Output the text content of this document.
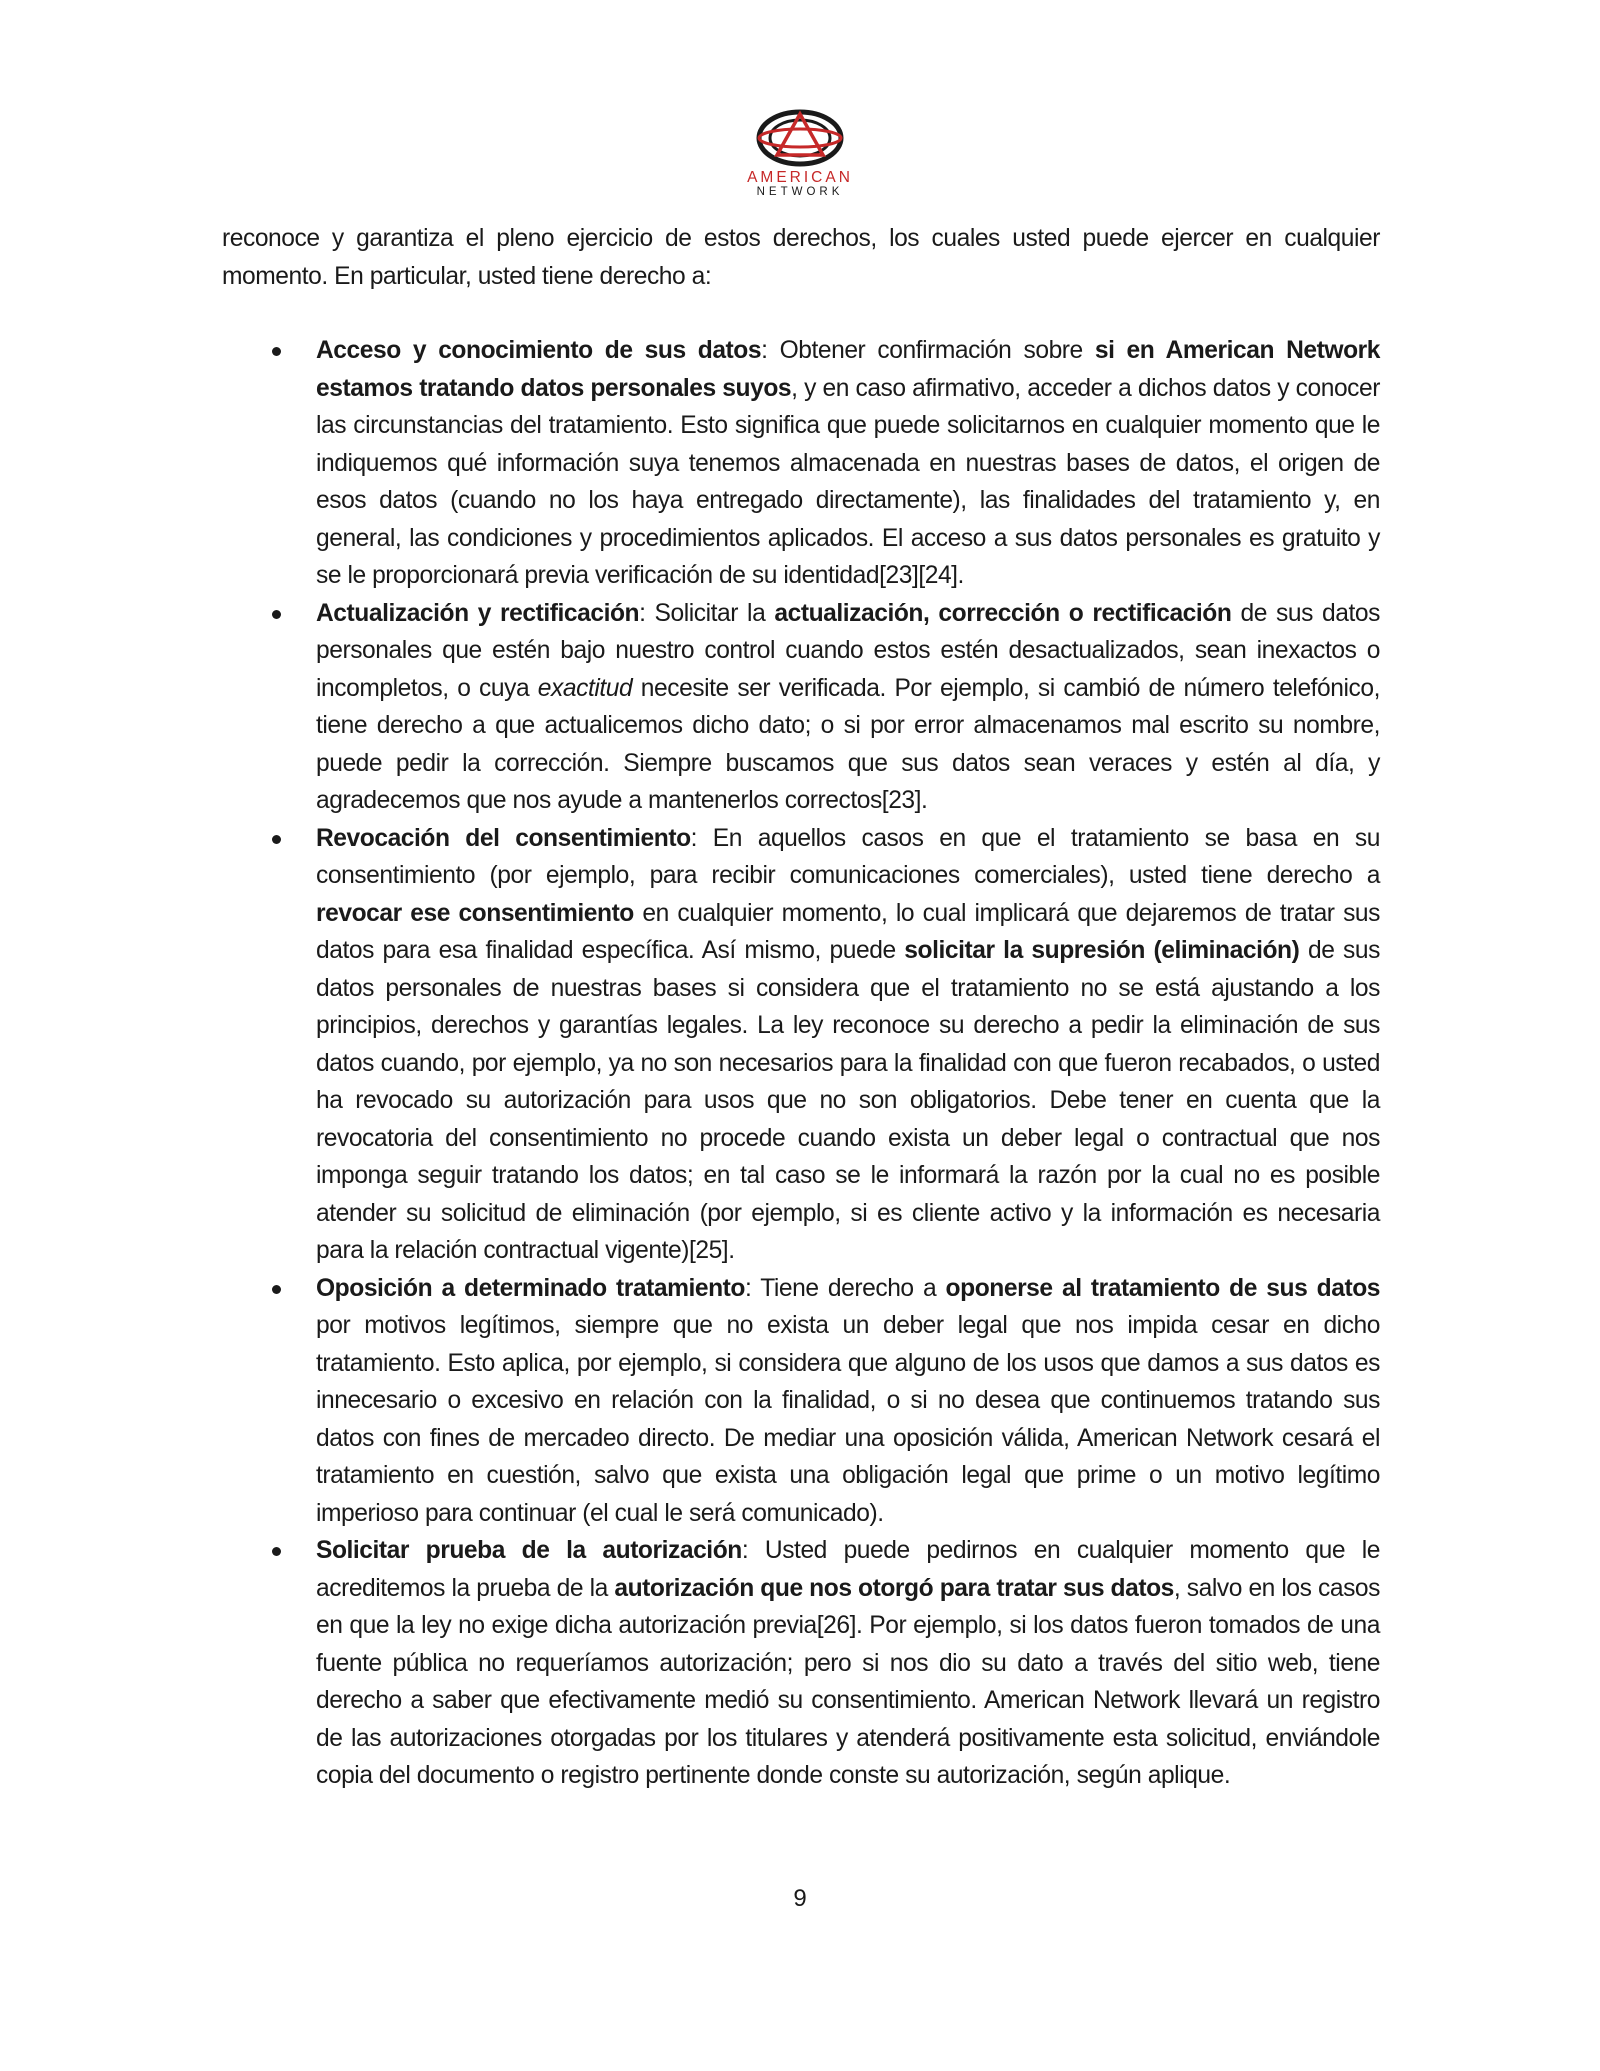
AMERICAN
NETWORK

reconoce y garantiza el pleno ejercicio de estos derechos, los cuales usted puede ejercer en cualquier momento. En particular, usted tiene derecho a:

Acceso y conocimiento de sus datos: Obtener confirmación sobre si en American Network estamos tratando datos personales suyos, y en caso afirmativo, acceder a dichos datos y conocer las circunstancias del tratamiento. Esto significa que puede solicitarnos en cualquier momento que le indiquemos qué información suya tenemos almacenada en nuestras bases de datos, el origen de esos datos (cuando no los haya entregado directamente), las finalidades del tratamiento y, en general, las condiciones y procedimientos aplicados. El acceso a sus datos personales es gratuito y se le proporcionará previa verificación de su identidad[23][24].
Actualización y rectificación: Solicitar la actualización, corrección o rectificación de sus datos personales que estén bajo nuestro control cuando estos estén desactualizados, sean inexactos o incompletos, o cuya exactitud necesite ser verificada. Por ejemplo, si cambió de número telefónico, tiene derecho a que actualicemos dicho dato; o si por error almacenamos mal escrito su nombre, puede pedir la corrección. Siempre buscamos que sus datos sean veraces y estén al día, y agradecemos que nos ayude a mantenerlos correctos[23].
Revocación del consentimiento: En aquellos casos en que el tratamiento se basa en su consentimiento (por ejemplo, para recibir comunicaciones comerciales), usted tiene derecho a revocar ese consentimiento en cualquier momento, lo cual implicará que dejaremos de tratar sus datos para esa finalidad específica. Así mismo, puede solicitar la supresión (eliminación) de sus datos personales de nuestras bases si considera que el tratamiento no se está ajustando a los principios, derechos y garantías legales. La ley reconoce su derecho a pedir la eliminación de sus datos cuando, por ejemplo, ya no son necesarios para la finalidad con que fueron recabados, o usted ha revocado su autorización para usos que no son obligatorios. Debe tener en cuenta que la revocatoria del consentimiento no procede cuando exista un deber legal o contractual que nos imponga seguir tratando los datos; en tal caso se le informará la razón por la cual no es posible atender su solicitud de eliminación (por ejemplo, si es cliente activo y la información es necesaria para la relación contractual vigente)[25].
Oposición a determinado tratamiento: Tiene derecho a oponerse al tratamiento de sus datos por motivos legítimos, siempre que no exista un deber legal que nos impida cesar en dicho tratamiento. Esto aplica, por ejemplo, si considera que alguno de los usos que damos a sus datos es innecesario o excesivo en relación con la finalidad, o si no desea que continuemos tratando sus datos con fines de mercadeo directo. De mediar una oposición válida, American Network cesará el tratamiento en cuestión, salvo que exista una obligación legal que prime o un motivo legítimo imperioso para continuar (el cual le será comunicado).
Solicitar prueba de la autorización: Usted puede pedirnos en cualquier momento que le acreditemos la prueba de la autorización que nos otorgó para tratar sus datos, salvo en los casos en que la ley no exige dicha autorización previa[26]. Por ejemplo, si los datos fueron tomados de una fuente pública no requeríamos autorización; pero si nos dio su dato a través del sitio web, tiene derecho a saber que efectivamente medió su consentimiento. American Network llevará un registro de las autorizaciones otorgadas por los titulares y atenderá positivamente esta solicitud, enviándole copia del documento o registro pertinente donde conste su autorización, según aplique.
9
